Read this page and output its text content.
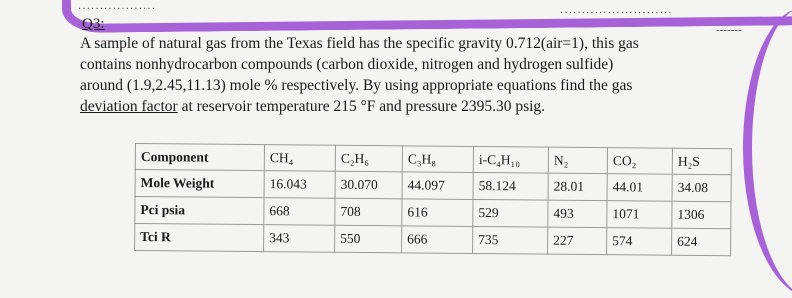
··················	··························
-------
Q3:

A sample of natural gas from the Texas field has the specific gravity 0.712(air=1), this gas
contains nonhydrocarbon compounds (carbon dioxide, nitrogen and hydrogen sulfide)
around (1.9,2.45,11.13) mole % respectively. By using appropriate equations find the gas
deviation factor at reservoir temperature 215 °F and pressure 2395.30 psig.

Component	CH₄	C₂H₆	C₃H₈	i-C₄H₁₀	N₂	CO₂	H₂S
Mole Weight	16.043	30.070	44.097	58.124	28.01	44.01	34.08
Pci psia	668	708	616	529	493	1071	1306
Tci R	343	550	666	735	227	574	624
